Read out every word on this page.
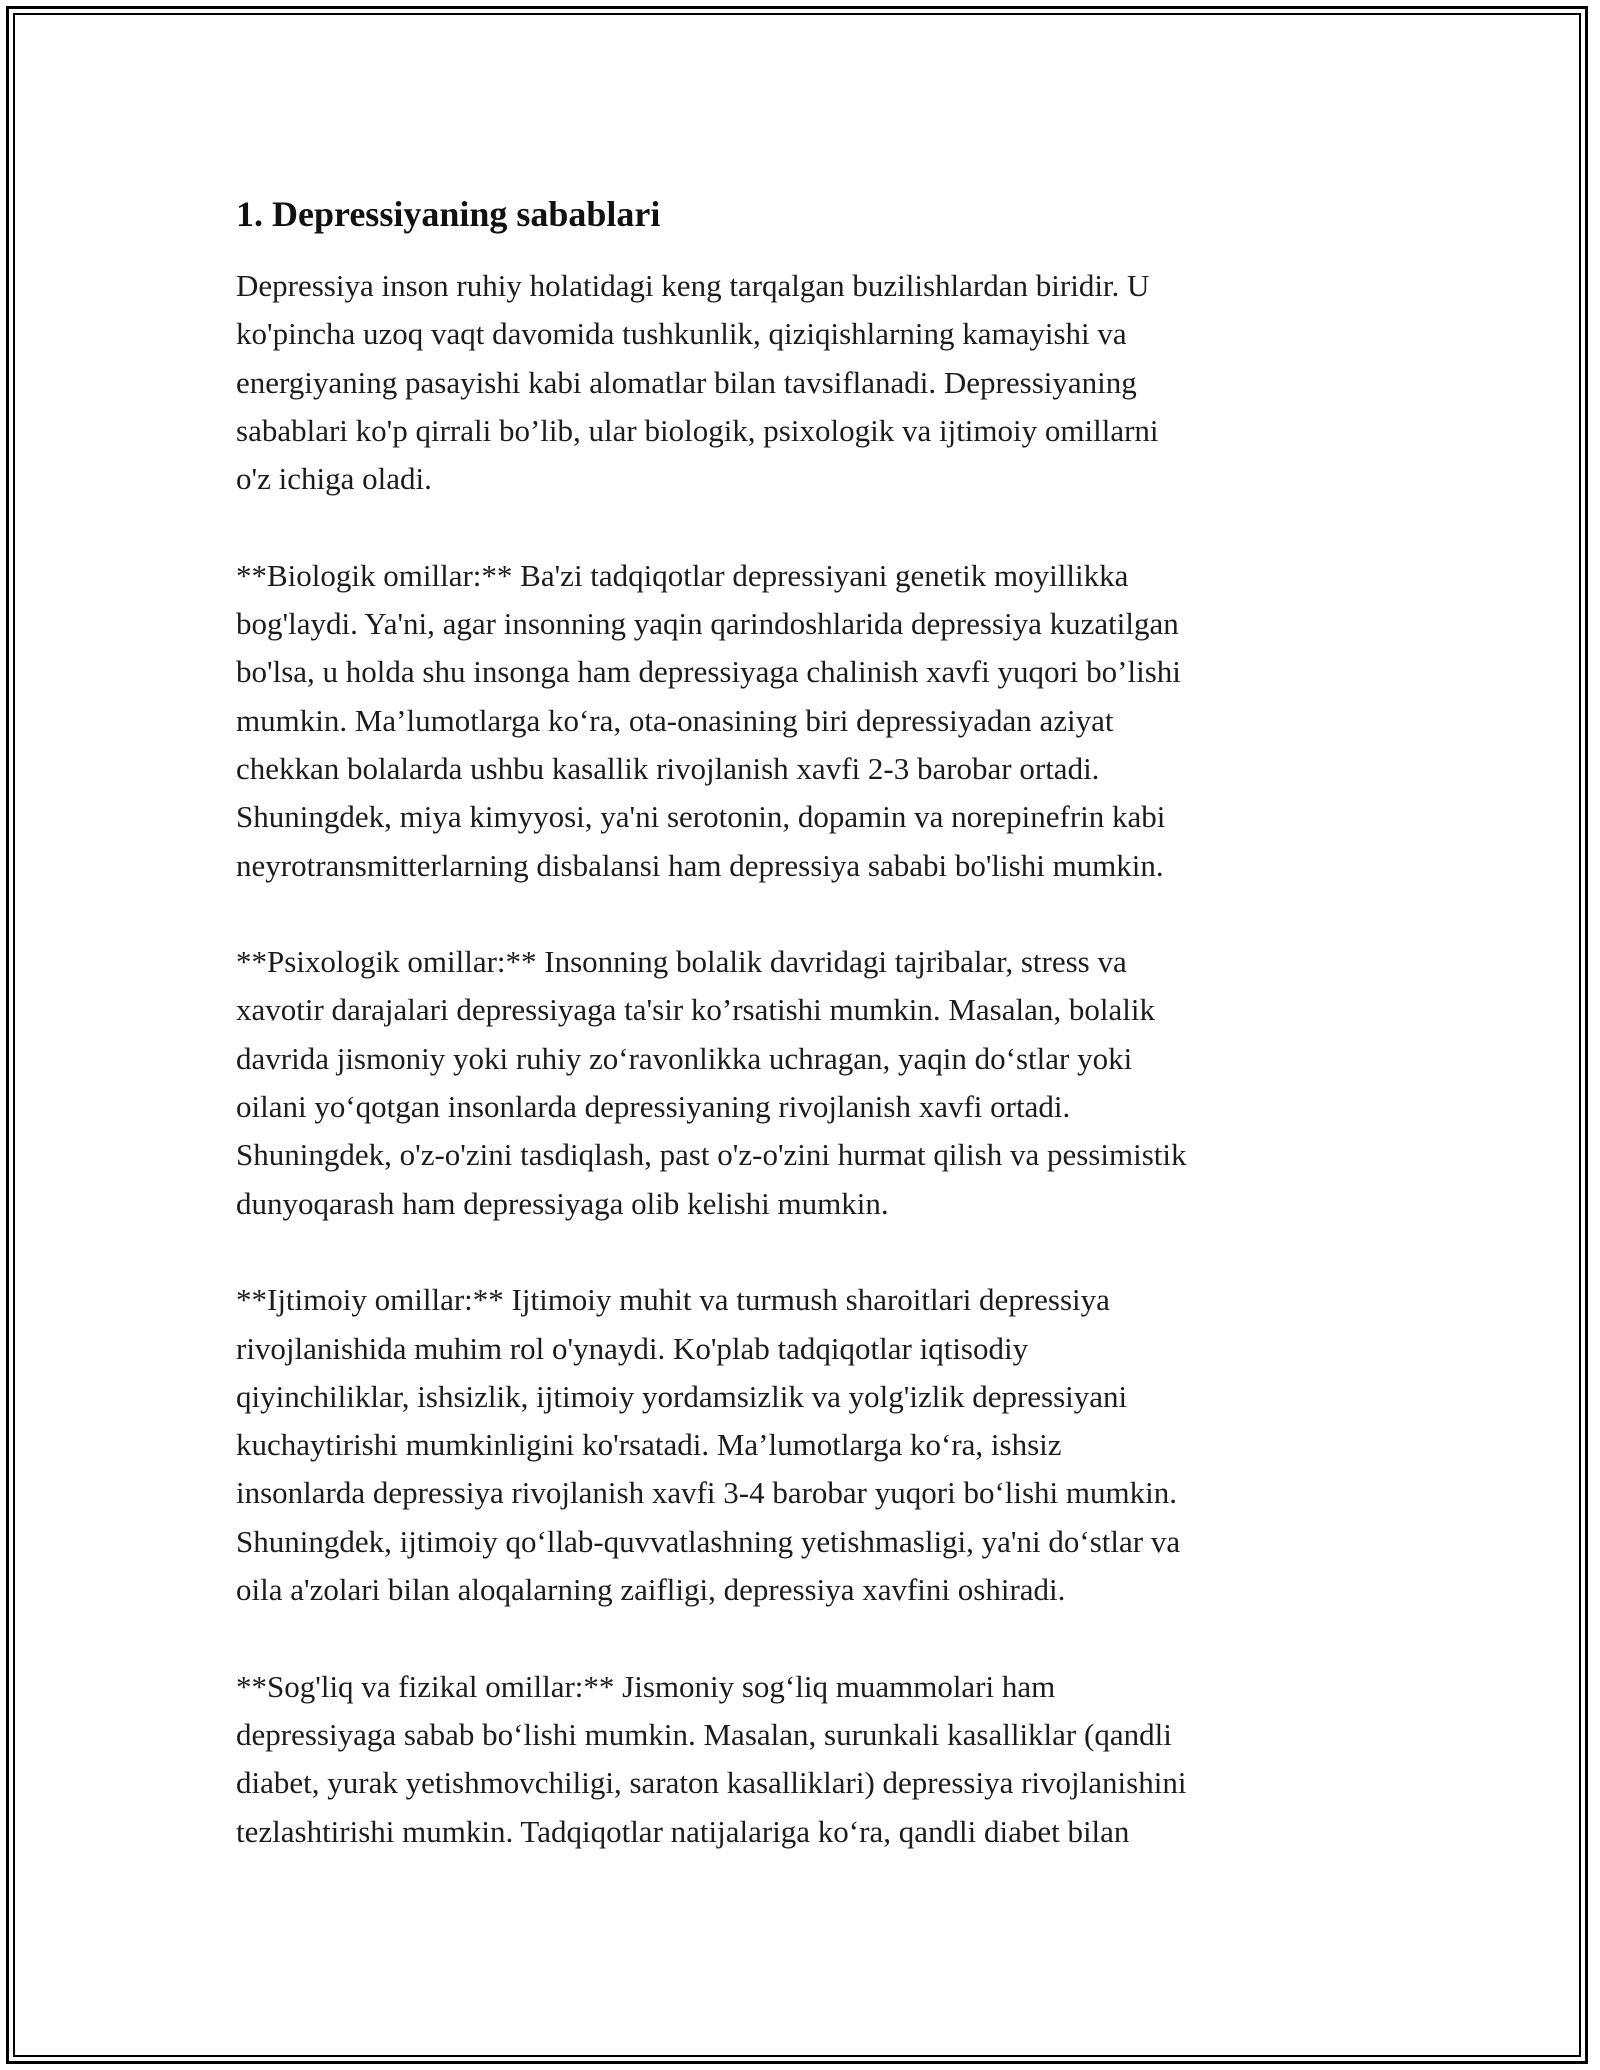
1. Depressiyaning sabablari

Depressiya inson ruhiy holatidagi keng tarqalgan buzilishlardan biridir. U
ko'pincha uzoq vaqt davomida tushkunlik, qiziqishlarning kamayishi va
energiyaning pasayishi kabi alomatlar bilan tavsiflanadi. Depressiyaning
sabablari ko'p qirrali bo’lib, ular biologik, psixologik va ijtimoiy omillarni
o'z ichiga oladi.

**Biologik omillar:** Ba'zi tadqiqotlar depressiyani genetik moyillikka
bog'laydi. Ya'ni, agar insonning yaqin qarindoshlarida depressiya kuzatilgan
bo'lsa, u holda shu insonga ham depressiyaga chalinish xavfi yuqori bo’lishi
mumkin. Ma’lumotlarga ko‘ra, ota-onasining biri depressiyadan aziyat
chekkan bolalarda ushbu kasallik rivojlanish xavfi 2-3 barobar ortadi.
Shuningdek, miya kimyyosi, ya'ni serotonin, dopamin va norepinefrin kabi
neyrotransmitterlarning disbalansi ham depressiya sababi bo'lishi mumkin.

**Psixologik omillar:** Insonning bolalik davridagi tajribalar, stress va
xavotir darajalari depressiyaga ta'sir ko’rsatishi mumkin. Masalan, bolalik
davrida jismoniy yoki ruhiy zo‘ravonlikka uchragan, yaqin do‘stlar yoki
oilani yo‘qotgan insonlarda depressiyaning rivojlanish xavfi ortadi.
Shuningdek, o'z-o'zini tasdiqlash, past o'z-o'zini hurmat qilish va pessimistik
dunyoqarash ham depressiyaga olib kelishi mumkin.

**Ijtimoiy omillar:** Ijtimoiy muhit va turmush sharoitlari depressiya
rivojlanishida muhim rol o'ynaydi. Ko'plab tadqiqotlar iqtisodiy
qiyinchiliklar, ishsizlik, ijtimoiy yordamsizlik va yolg'izlik depressiyani
kuchaytirishi mumkinligini ko'rsatadi. Ma’lumotlarga ko‘ra, ishsiz
insonlarda depressiya rivojlanish xavfi 3-4 barobar yuqori bo‘lishi mumkin.
Shuningdek, ijtimoiy qo‘llab-quvvatlashning yetishmasligi, ya'ni do‘stlar va
oila a'zolari bilan aloqalarning zaifligi, depressiya xavfini oshiradi.

**Sog'liq va fizikal omillar:** Jismoniy sog‘liq muammolari ham
depressiyaga sabab bo‘lishi mumkin. Masalan, surunkali kasalliklar (qandli
diabet, yurak yetishmovchiligi, saraton kasalliklari) depressiya rivojlanishini
tezlashtirishi mumkin. Tadqiqotlar natijalariga ko‘ra, qandli diabet bilan
